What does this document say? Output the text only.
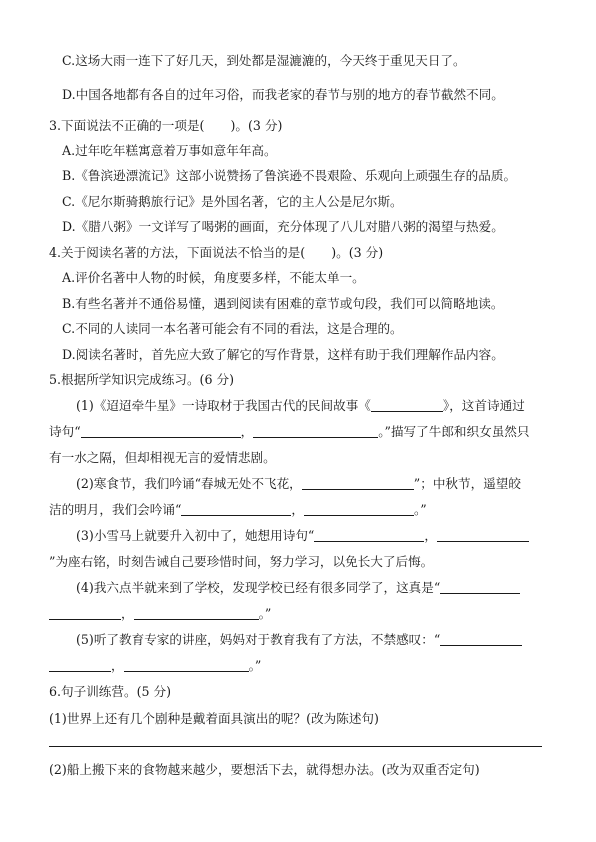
C.这场大雨一连下了好几天，到处都是湿漉漉的，今天终于重见天日了。
D.中国各地都有各自的过年习俗，而我老家的春节与别的地方的春节截然不同。
3.下面说法不正确的一项是( )。(3 分)
A.过年吃年糕寓意着万事如意年年高。
B.《鲁滨逊漂流记》这部小说赞扬了鲁滨逊不畏艰险、乐观向上顽强生存的品质。
C.《尼尔斯骑鹅旅行记》是外国名著，它的主人公是尼尔斯。
D.《腊八粥》一文详写了喝粥的画面，充分体现了八儿对腊八粥的渴望与热爱。
4.关于阅读名著的方法，下面说法不恰当的是( )。(3 分)
A.评价名著中人物的时候，角度要多样，不能太单一。
B.有些名著并不通俗易懂，遇到阅读有困难的章节或句段，我们可以简略地读。
C.不同的人读同一本名著可能会有不同的看法，这是合理的。
D.阅读名著时，首先应大致了解它的写作背景，这样有助于我们理解作品内容。
5.根据所学知识完成练习。(6 分)
(1)《迢迢牵牛星》一诗取材于我国古代的民间故事《	》，这首诗通过
诗句“	，	。”描写了牛郎和织女虽然只
有一水之隔，但却相视无言的爱情悲剧。
(2)寒食节，我们吟诵“春城无处不飞花，	”；中秋节，遥望皎
洁的明月，我们会吟诵“	，	。”
(3)小雪马上就要升入初中了，她想用诗句“	，
”为座右铭，时刻告诫自己要珍惜时间，努力学习，以免长大了后悔。
(4)我六点半就来到了学校，发现学校已经有很多同学了，这真是“
，	。”
(5)听了教育专家的讲座，妈妈对于教育我有了方法，不禁感叹：“
，	。”
6.句子训练营。(5 分)
(1)世界上还有几个剧种是戴着面具演出的呢？(改为陈述句)
(2)船上搬下来的食物越来越少，要想活下去，就得想办法。(改为双重否定句)
